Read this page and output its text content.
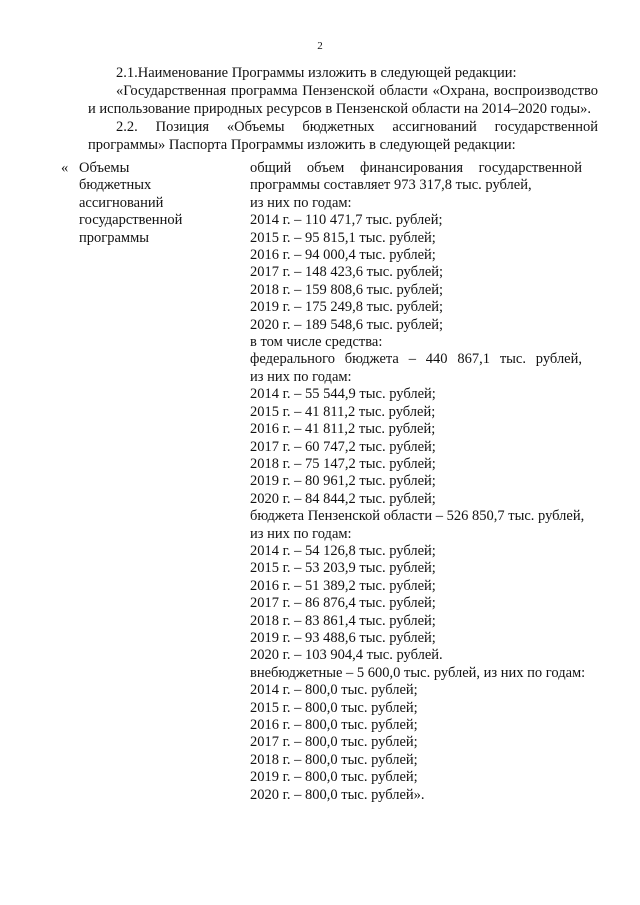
2

2.1.Наименование Программы изложить в следующей редакции:

«Государственная программа Пензенской области «Охрана, воспроизводство и использование природных ресурсов в Пензенской области на 2014–2020 годы».

2.2. Позиция «Объемы бюджетных ассигнований государственной программы» Паспорта Программы изложить в следующей редакции:

« Объемы
бюджетных
ассигнований
государственной
программы
общий объем финансирования государственной программы составляет 973 317,8 тыс. рублей,
из них по годам:
2014 г. – 110 471,7 тыс. рублей;
2015 г. – 95 815,1 тыс. рублей;
2016 г. – 94 000,4 тыс. рублей;
2017 г. – 148 423,6 тыс. рублей;
2018 г. – 159 808,6 тыс. рублей;
2019 г. – 175 249,8 тыс. рублей;
2020 г. – 189 548,6 тыс. рублей;
в том числе средства:
федерального бюджета – 440 867,1 тыс. рублей,
из них по годам:
2014 г. – 55 544,9 тыс. рублей;
2015 г. – 41 811,2 тыс. рублей;
2016 г. – 41 811,2 тыс. рублей;
2017 г. – 60 747,2 тыс. рублей;
2018 г. – 75 147,2 тыс. рублей;
2019 г. – 80 961,2 тыс. рублей;
2020 г. – 84 844,2 тыс. рублей;
бюджета Пензенской области – 526 850,7 тыс. рублей,
из них по годам:
2014 г. – 54 126,8 тыс. рублей;
2015 г. – 53 203,9 тыс. рублей;
2016 г. – 51 389,2 тыс. рублей;
2017 г. – 86 876,4 тыс. рублей;
2018 г. – 83 861,4 тыс. рублей;
2019 г. – 93 488,6 тыс. рублей;
2020 г. – 103 904,4 тыс. рублей.
внебюджетные – 5 600,0 тыс. рублей, из них по годам:
2014 г. – 800,0 тыс. рублей;
2015 г. – 800,0 тыс. рублей;
2016 г. – 800,0 тыс. рублей;
2017 г. – 800,0 тыс. рублей;
2018 г. – 800,0 тыс. рублей;
2019 г. – 800,0 тыс. рублей;
2020 г. – 800,0 тыс. рублей».
